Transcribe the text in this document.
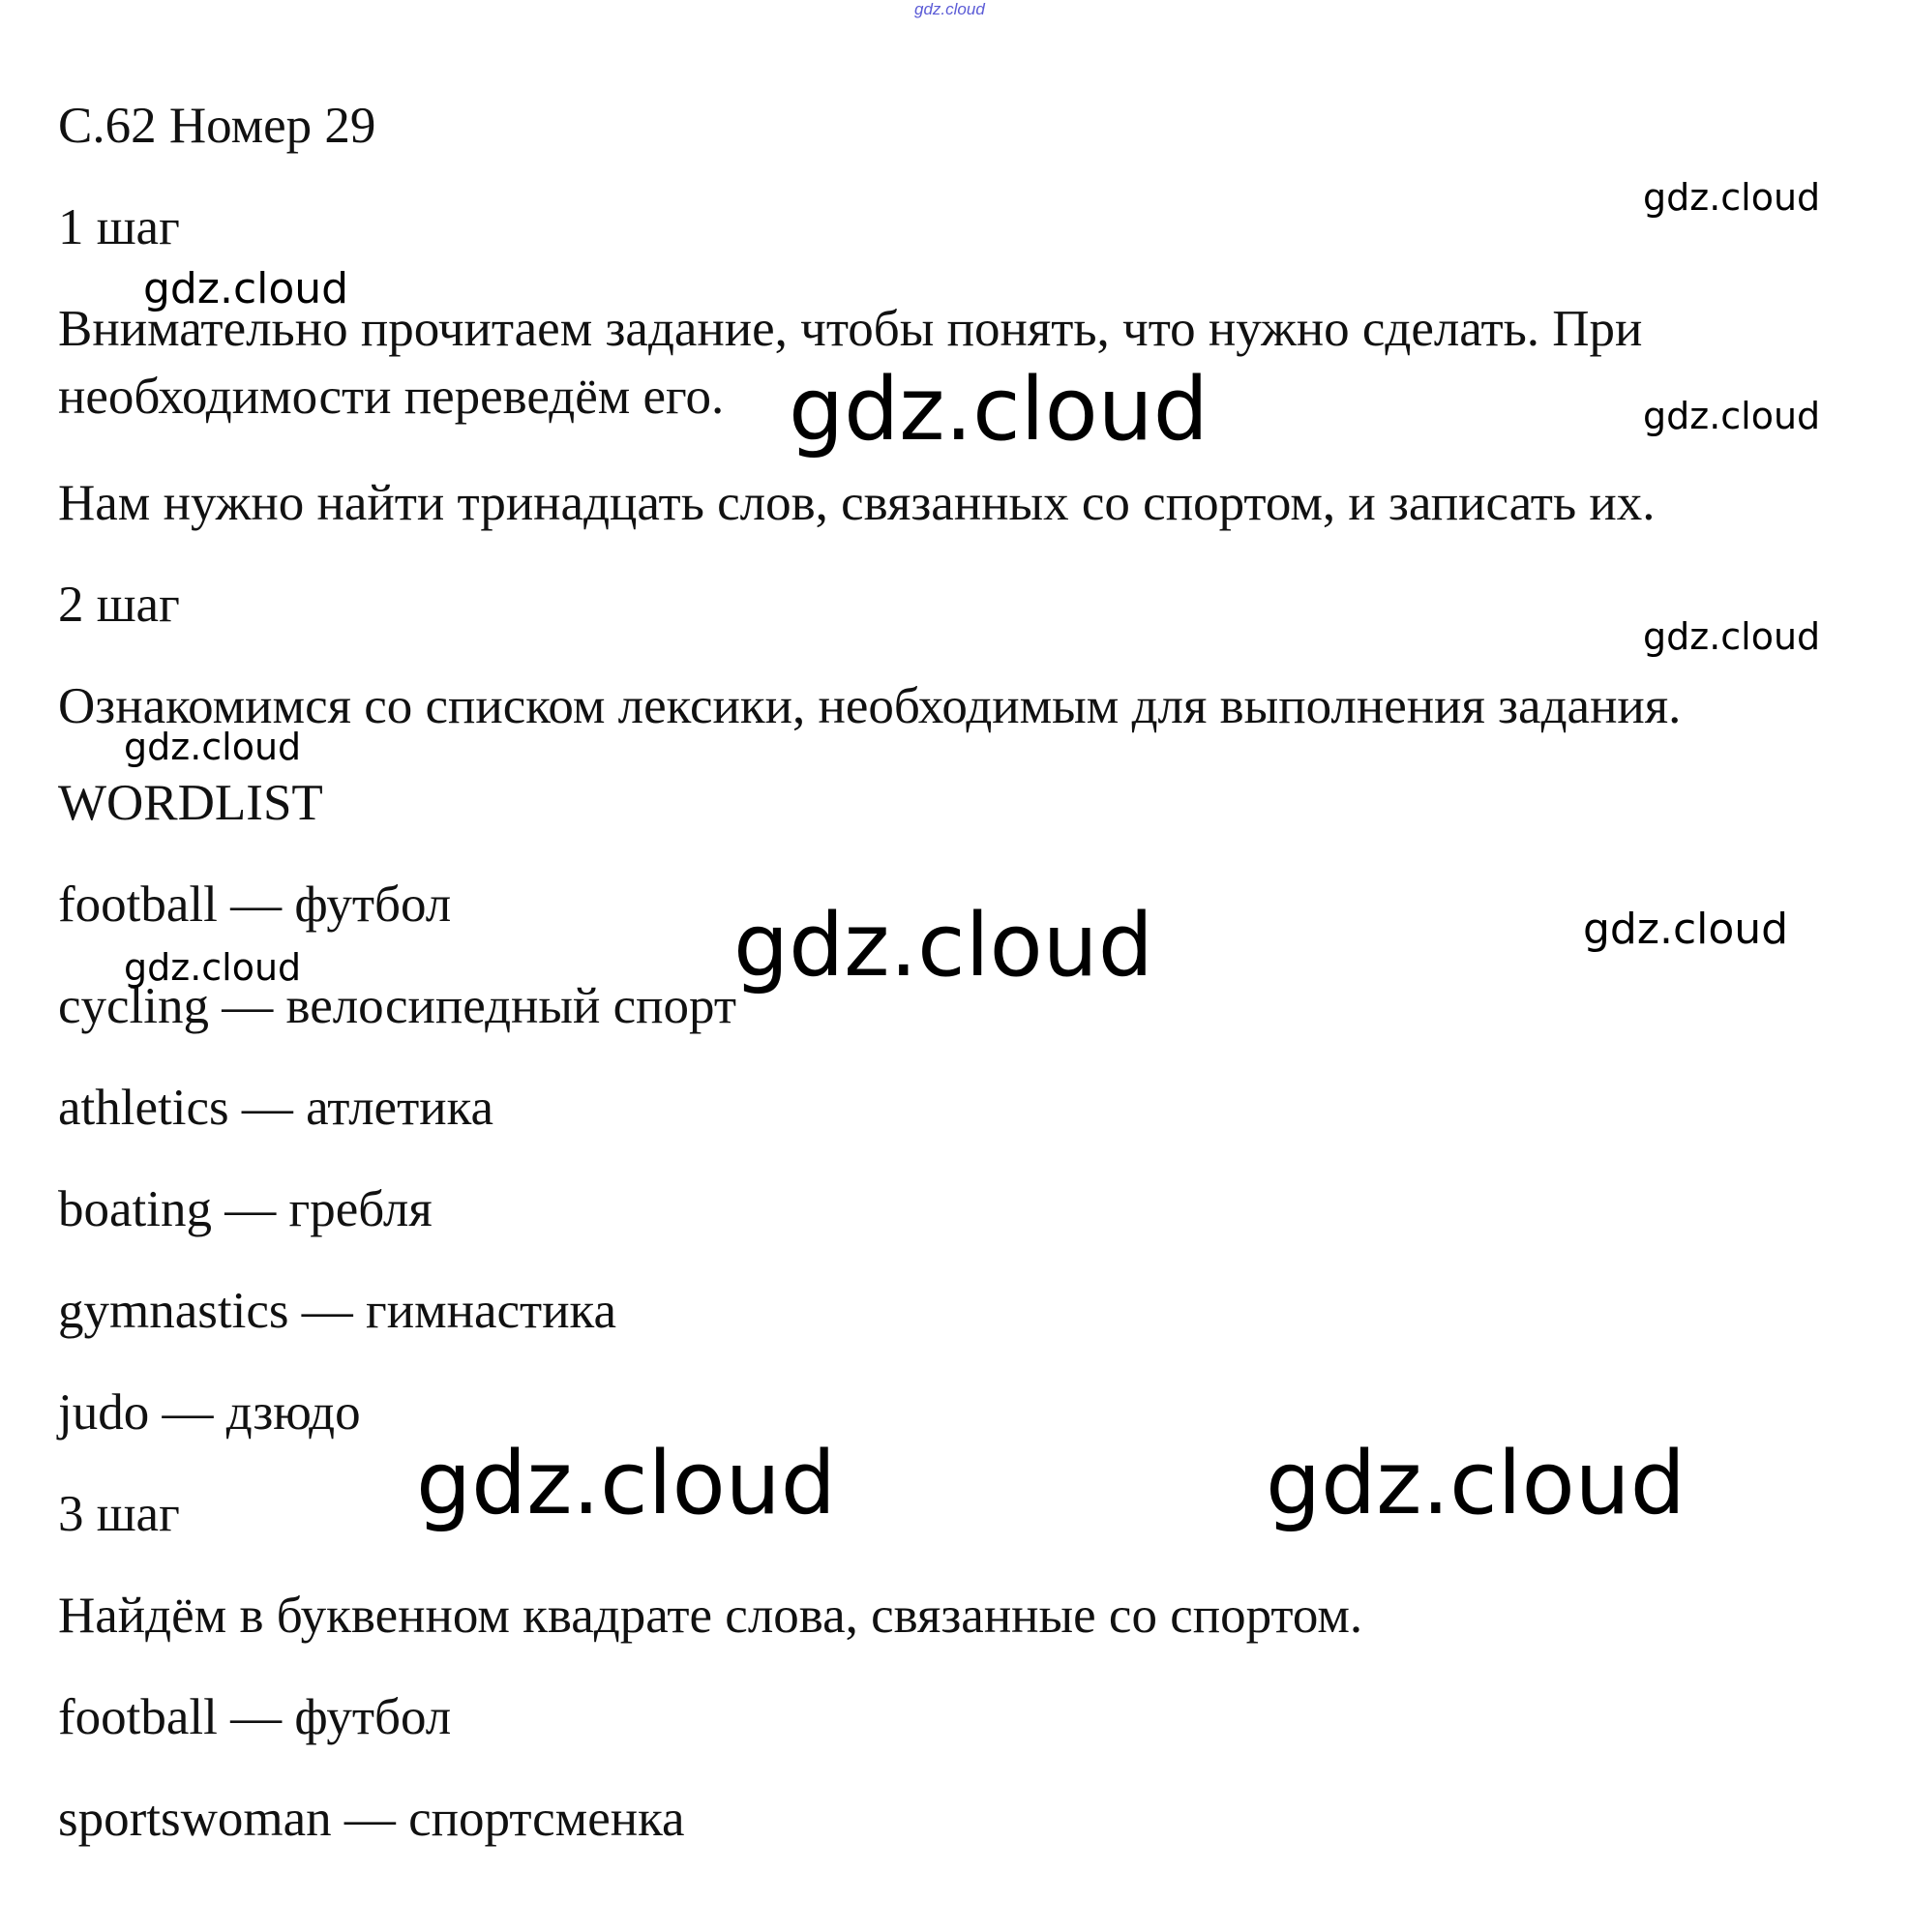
gdz.cloud
С.62 Номер 29
1 шаг
Внимательно прочитаем задание, чтобы понять, что нужно сделать. При
необходимости переведём его.
Нам нужно найти тринадцать слов, связанных со спортом, и записать их.
2 шаг
Ознакомимся со списком лексики, необходимым для выполнения задания.
WORDLIST
football — футбол
cycling — велосипедный спорт
athletics — атлетика
boating — гребля
gymnastics — гимнастика
judo — дзюдо
3 шаг
Найдём в буквенном квадрате слова, связанные со спортом.
football — футбол
sportswoman — спортсменка
gdz.cloud
gdz.cloud
gdz.cloud	gdz.cloud
gdz.cloud
gdz.cloud
gdz.cloud	gdz.cloud
gdz.cloud
gdz.cloud	gdz.cloud
